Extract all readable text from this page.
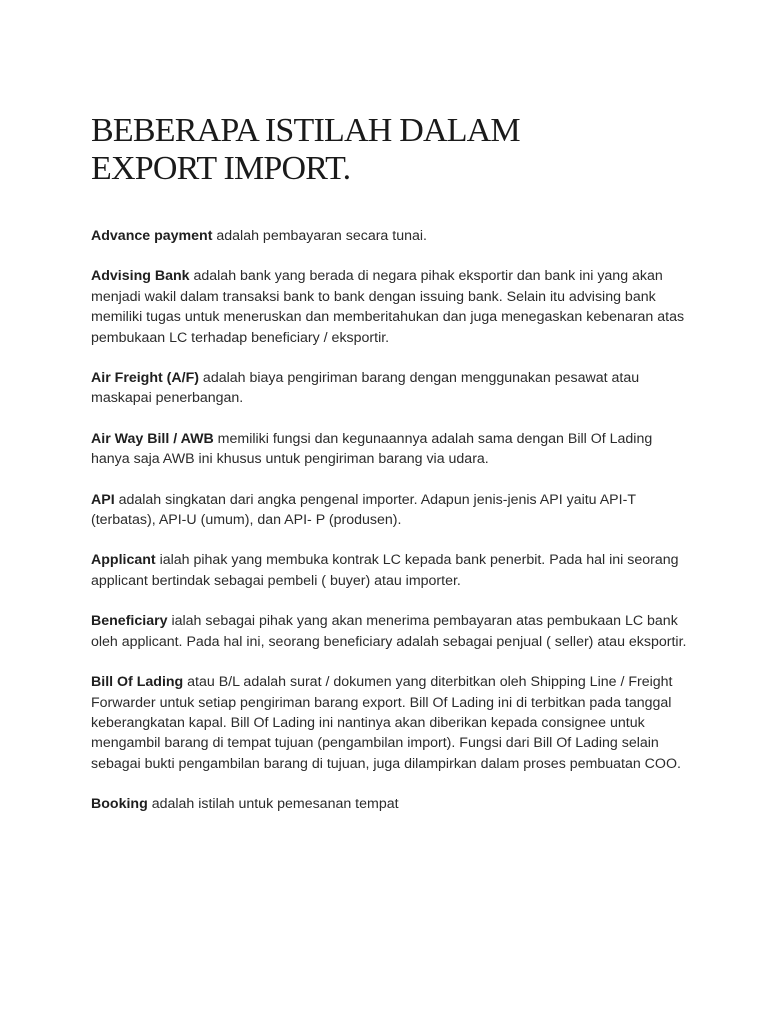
BEBERAPA ISTILAH DALAM EXPORT IMPORT.

Advance payment adalah pembayaran secara tunai.

Advising Bank adalah bank yang berada di negara pihak eksportir dan bank ini yang akan menjadi wakil dalam transaksi bank to bank dengan issuing bank. Selain itu advising bank memiliki tugas untuk meneruskan dan memberitahukan dan juga menegaskan kebenaran atas pembukaan LC terhadap beneficiary / eksportir.

Air Freight (A/F) adalah biaya pengiriman barang dengan menggunakan pesawat atau maskapai penerbangan.

Air Way Bill / AWB memiliki fungsi dan kegunaannya adalah sama dengan Bill Of Lading hanya saja AWB ini khusus untuk pengiriman barang via udara.

API adalah singkatan dari angka pengenal importer. Adapun jenis-jenis API yaitu API-T (terbatas), API-U (umum), dan API- P (produsen).

Applicant ialah pihak yang membuka kontrak LC kepada bank penerbit. Pada hal ini seorang applicant bertindak sebagai pembeli ( buyer) atau importer.

Beneficiary ialah sebagai pihak yang akan menerima pembayaran atas pembukaan LC bank oleh applicant. Pada hal ini, seorang beneficiary adalah sebagai penjual ( seller) atau eksportir.

Bill Of Lading atau B/L adalah surat / dokumen yang diterbitkan oleh Shipping Line / Freight Forwarder untuk setiap pengiriman barang export. Bill Of Lading ini di terbitkan pada tanggal keberangkatan kapal. Bill Of Lading ini nantinya akan diberikan kepada consignee untuk mengambil barang di tempat tujuan (pengambilan import). Fungsi dari Bill Of Lading selain sebagai bukti pengambilan barang di tujuan, juga dilampirkan dalam proses pembuatan COO.

Booking adalah istilah untuk pemesanan tempat
